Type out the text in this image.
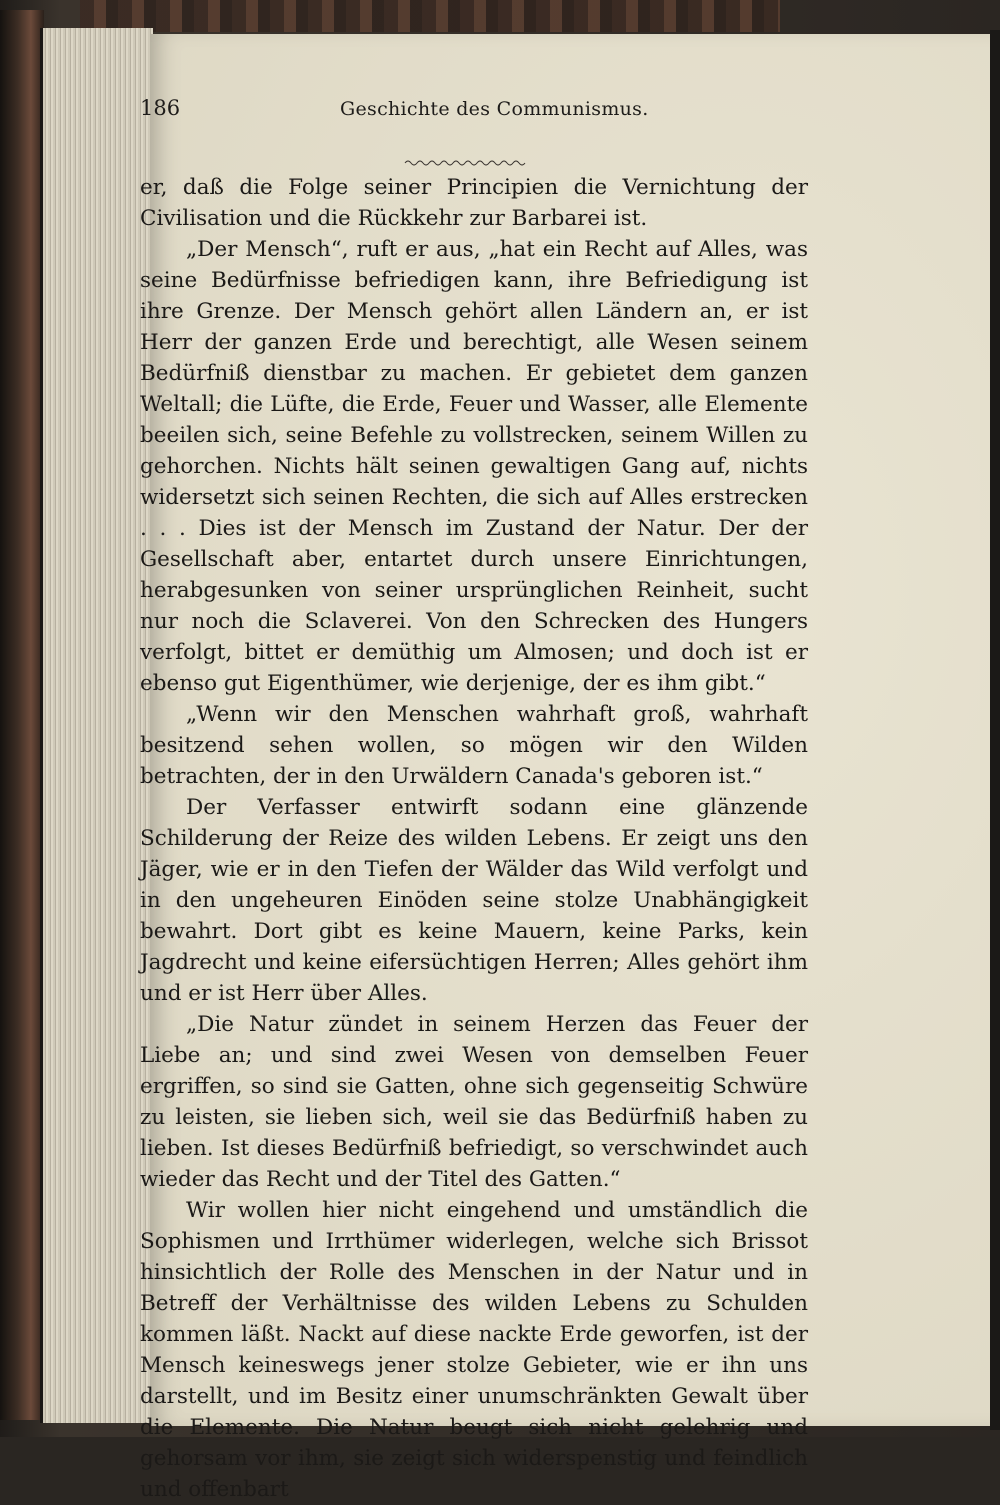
186	Geschichte des Communismus.

er, daß die Folge seiner Principien die Vernichtung der Civilisation und die Rückkehr zur Barbarei ist.

„Der Mensch“, ruft er aus, „hat ein Recht auf Alles, was seine Bedürfnisse befriedigen kann, ihre Befriedigung ist ihre Grenze. Der Mensch gehört allen Ländern an, er ist Herr der ganzen Erde und berechtigt, alle Wesen seinem Bedürfniß dienstbar zu machen. Er gebietet dem ganzen Weltall; die Lüfte, die Erde, Feuer und Wasser, alle Elemente beeilen sich, seine Befehle zu vollstrecken, seinem Willen zu gehorchen. Nichts hält seinen gewaltigen Gang auf, nichts widersetzt sich seinen Rechten, die sich auf Alles erstrecken . . . Dies ist der Mensch im Zustand der Natur. Der der Gesellschaft aber, entartet durch unsere Einrichtungen, herabgesunken von seiner ursprünglichen Reinheit, sucht nur noch die Sclaverei. Von den Schrecken des Hungers verfolgt, bittet er demüthig um Almosen; und doch ist er ebenso gut Eigenthümer, wie derjenige, der es ihm gibt.“

„Wenn wir den Menschen wahrhaft groß, wahrhaft besitzend sehen wollen, so mögen wir den Wilden betrachten, der in den Urwäldern Canada's geboren ist.“

Der Verfasser entwirft sodann eine glänzende Schilderung der Reize des wilden Lebens. Er zeigt uns den Jäger, wie er in den Tiefen der Wälder das Wild verfolgt und in den ungeheuren Einöden seine stolze Unabhängigkeit bewahrt. Dort gibt es keine Mauern, keine Parks, kein Jagdrecht und keine eifersüchtigen Herren; Alles gehört ihm und er ist Herr über Alles.

„Die Natur zündet in seinem Herzen das Feuer der Liebe an; und sind zwei Wesen von demselben Feuer ergriffen, so sind sie Gatten, ohne sich gegenseitig Schwüre zu leisten, sie lieben sich, weil sie das Bedürfniß haben zu lieben. Ist dieses Bedürfniß befriedigt, so verschwindet auch wieder das Recht und der Titel des Gatten.“

Wir wollen hier nicht eingehend und umständlich die Sophismen und Irrthümer widerlegen, welche sich Brissot hinsichtlich der Rolle des Menschen in der Natur und in Betreff der Verhältnisse des wilden Lebens zu Schulden kommen läßt. Nackt auf diese nackte Erde geworfen, ist der Mensch keineswegs jener stolze Gebieter, wie er ihn uns darstellt, und im Besitz einer unumschränkten Gewalt über die Elemente. Die Natur beugt sich nicht gelehrig und gehorsam vor ihm, sie zeigt sich widerspenstig und feindlich und offenbart
